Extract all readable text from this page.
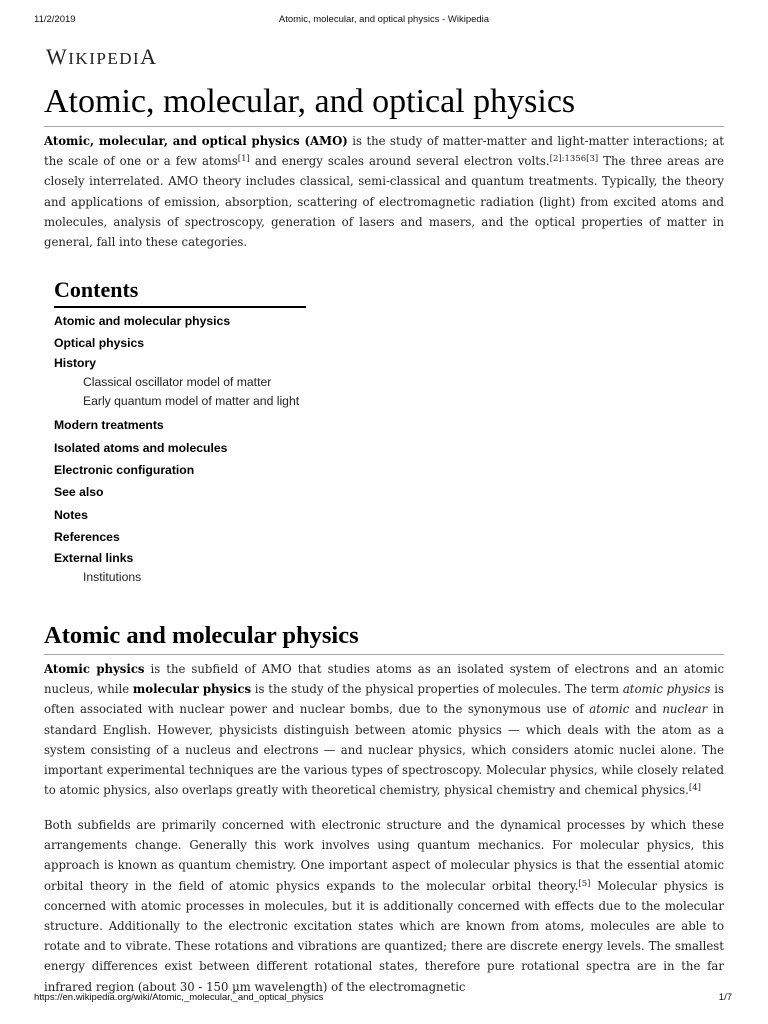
11/2/2019	Atomic, molecular, and optical physics - Wikipedia
WIKIPEDIA
Atomic, molecular, and optical physics

Atomic, molecular, and optical physics (AMO) is the study of matter-matter and light-matter interactions; at the scale of one or a few atoms[1] and energy scales around several electron volts.[2]:1356[3] The three areas are closely interrelated. AMO theory includes classical, semi-classical and quantum treatments. Typically, the theory and applications of emission, absorption, scattering of electromagnetic radiation (light) from excited atoms and molecules, analysis of spectroscopy, generation of lasers and masers, and the optical properties of matter in general, fall into these categories.

Contents
Atomic and molecular physics
Optical physics
History
Classical oscillator model of matter
Early quantum model of matter and light
Modern treatments
Isolated atoms and molecules
Electronic configuration
See also
Notes
References
External links
Institutions
Atomic and molecular physics

Atomic physics is the subfield of AMO that studies atoms as an isolated system of electrons and an atomic nucleus, while molecular physics is the study of the physical properties of molecules. The term atomic physics is often associated with nuclear power and nuclear bombs, due to the synonymous use of atomic and nuclear in standard English. However, physicists distinguish between atomic physics — which deals with the atom as a system consisting of a nucleus and electrons — and nuclear physics, which considers atomic nuclei alone. The important experimental techniques are the various types of spectroscopy. Molecular physics, while closely related to atomic physics, also overlaps greatly with theoretical chemistry, physical chemistry and chemical physics.[4]

Both subfields are primarily concerned with electronic structure and the dynamical processes by which these arrangements change. Generally this work involves using quantum mechanics. For molecular physics, this approach is known as quantum chemistry. One important aspect of molecular physics is that the essential atomic orbital theory in the field of atomic physics expands to the molecular orbital theory.[5] Molecular physics is concerned with atomic processes in molecules, but it is additionally concerned with effects due to the molecular structure. Additionally to the electronic excitation states which are known from atoms, molecules are able to rotate and to vibrate. These rotations and vibrations are quantized; there are discrete energy levels. The smallest energy differences exist between different rotational states, therefore pure rotational spectra are in the far infrared region (about 30 - 150 µm wavelength) of the electromagnetic

https://en.wikipedia.org/wiki/Atomic,_molecular,_and_optical_physics	1/7
